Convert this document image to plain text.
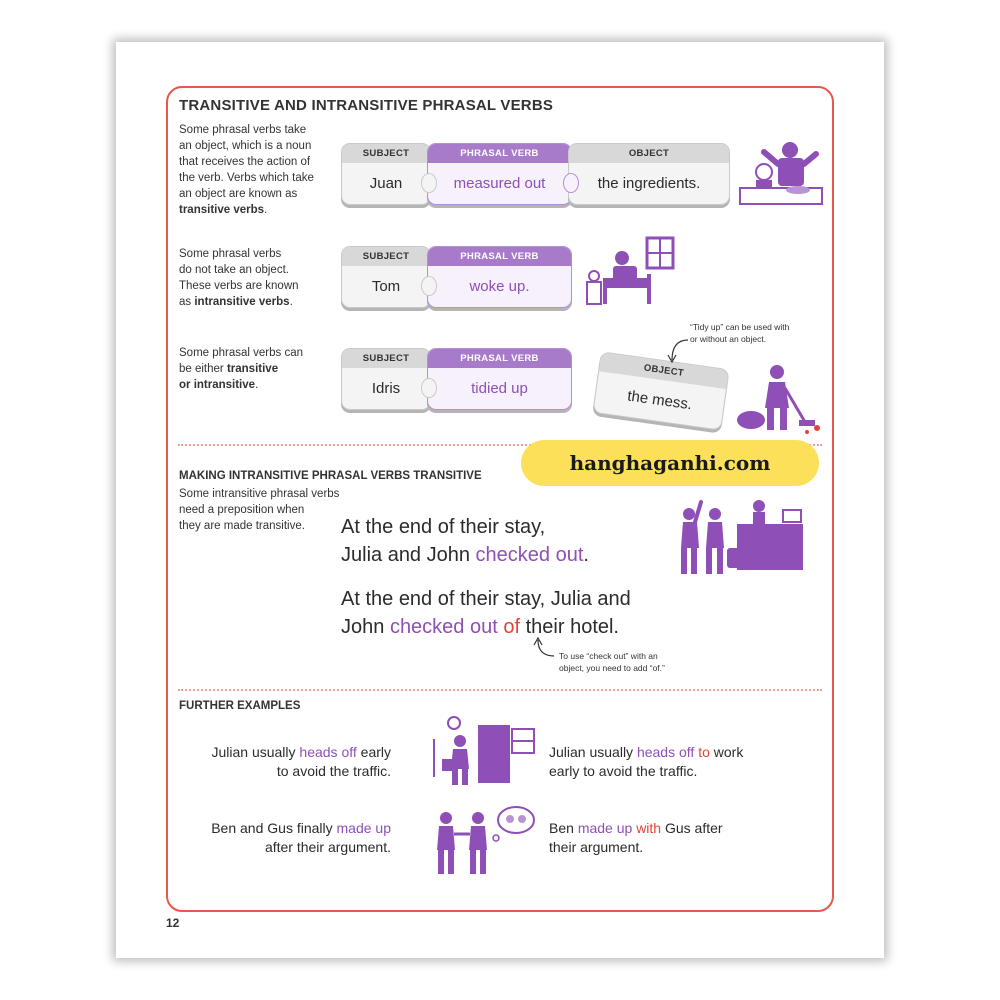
TRANSITIVE AND INTRANSITIVE PHRASAL VERBS
Some phrasal verbs take
an object, which is a noun
that receives the action of
the verb. Verbs which take
an object are known as
transitive verbs.
Some phrasal verbs
do not take an object.
These verbs are known
as intransitive verbs.
Some phrasal verbs can
be either transitive
or intransitive.
SUBJECT
Juan
PHRASAL VERB
measured out
OBJECT
the ingredients.
SUBJECT
Tom
PHRASAL VERB
woke up.
SUBJECT
Idris
PHRASAL VERB
tidied up
OBJECT
the mess.
“Tidy up” can be used with
or without an object.
MAKING INTRANSITIVE PHRASAL VERBS TRANSITIVE
Some intransitive phrasal verbs
need a preposition when
they are made transitive.	At the end of their stay,
Julia and John checked out.
At the end of their stay, Julia and
John checked out of their hotel.
To use “check out” with an
object, you need to add “of.”
FURTHER EXAMPLES
Julian usually heads off early
to avoid the traffic.
Julian usually heads off to work
early to avoid the traffic.
Ben and Gus finally made up
after their argument.
Ben made up with Gus after
their argument.
hanghaganhi.com
12
